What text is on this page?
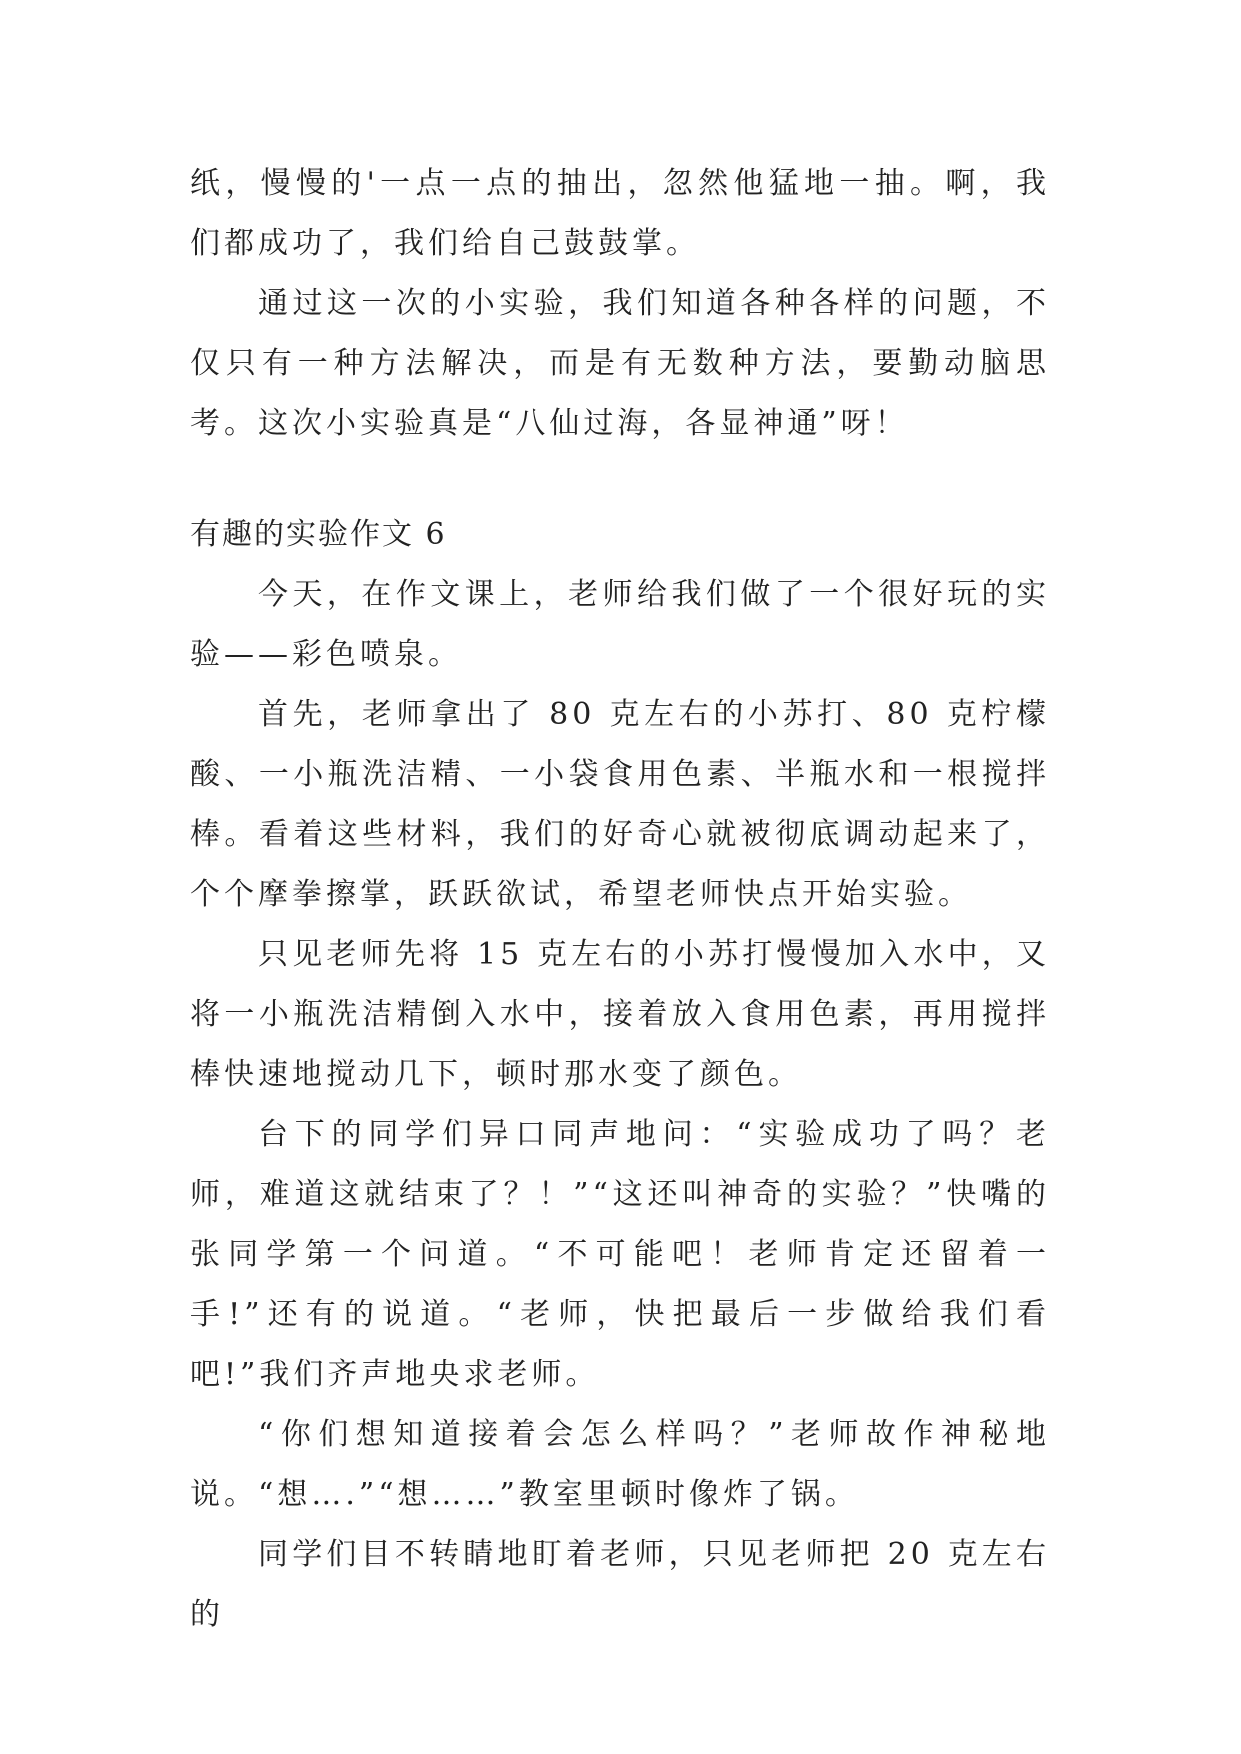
纸，慢慢的'一点一点的抽出，忽然他猛地一抽。啊，我们都成功了，我们给自己鼓鼓掌。

通过这一次的小实验，我们知道各种各样的问题，不仅只有一种方法解决，而是有无数种方法，要勤动脑思考。这次小实验真是“八仙过海，各显神通”呀！

有趣的实验作文 6

今天，在作文课上，老师给我们做了一个很好玩的实验——彩色喷泉。

首先，老师拿出了 80 克左右的小苏打、80 克柠檬酸、一小瓶洗洁精、一小袋食用色素、半瓶水和一根搅拌棒。看着这些材料，我们的好奇心就被彻底调动起来了，个个摩拳擦掌，跃跃欲试，希望老师快点开始实验。

只见老师先将 15 克左右的小苏打慢慢加入水中，又将一小瓶洗洁精倒入水中，接着放入食用色素，再用搅拌棒快速地搅动几下，顿时那水变了颜色。

台下的同学们异口同声地问：“实验成功了吗？老师，难道这就结束了？！”“这还叫神奇的实验？”快嘴的张同学第一个问道。“不可能吧！老师肯定还留着一手!”还有的说道。“老师，快把最后一步做给我们看吧!”我们齐声地央求老师。

“你们想知道接着会怎么样吗？”老师故作神秘地说。“想….”“想……”教室里顿时像炸了锅。

同学们目不转睛地盯着老师，只见老师把 20 克左右的
